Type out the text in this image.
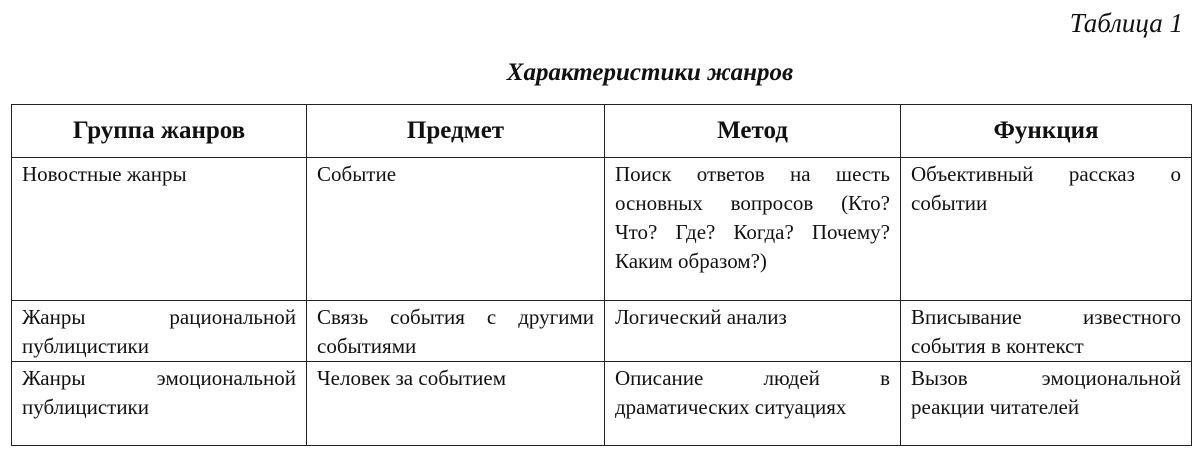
Таблица 1
Характеристики жанров
Группа жанров	Предмет	Метод	Функция
Новостные жанры	Событие	Поиск ответов на шесть основных вопросов (Кто? Что? Где? Когда? Почему? Каким образом?)	Объективный рассказ о событии
Жанры рациональной публицистики	Связь события с другими событиями	Логический анализ	Вписывание известного события в контекст
Жанры эмоциональной публицистики	Человек за событием	Описание людей в драматических ситуациях	Вызов эмоциональной реакции читателей
